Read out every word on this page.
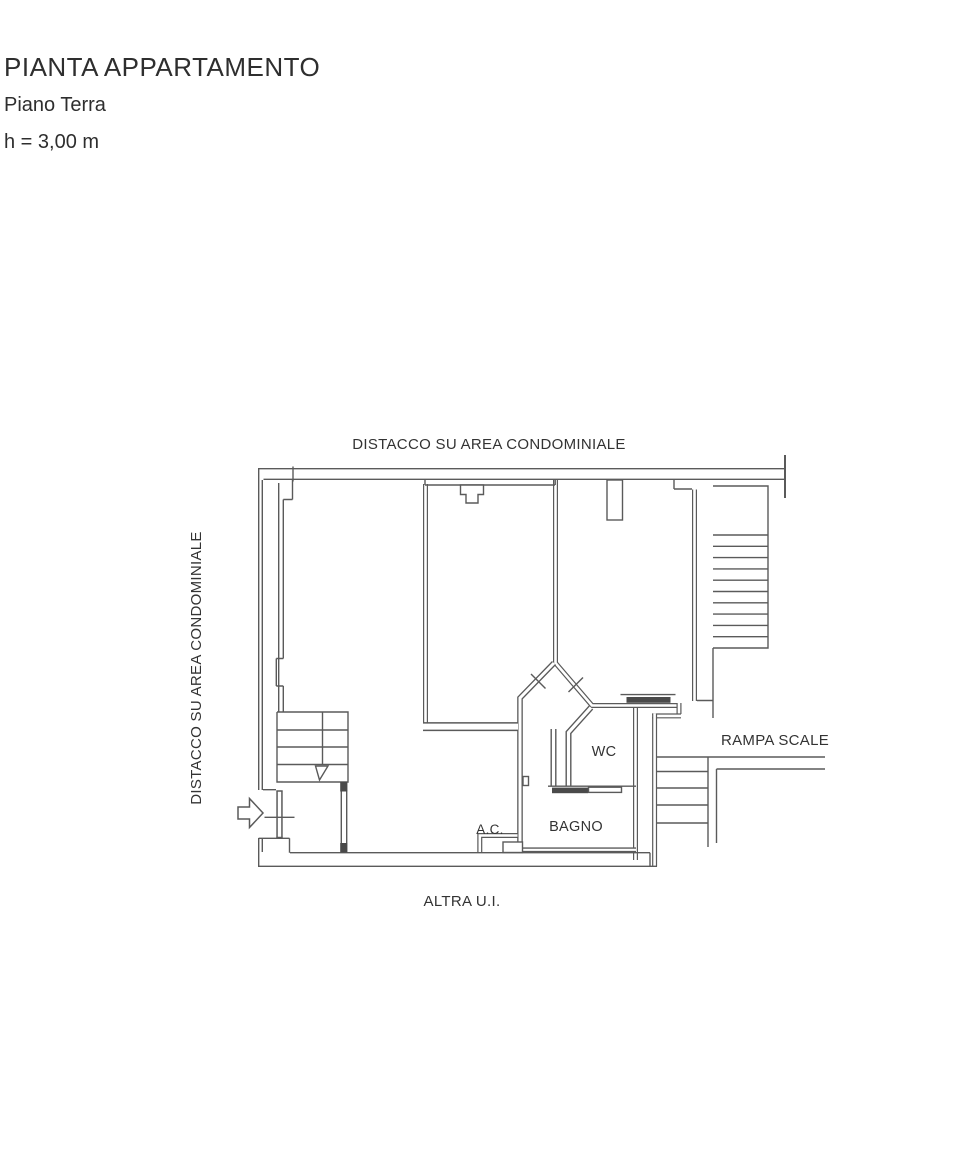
PIANTA APPARTAMENTO
Piano Terra
h = 3,00 m
DISTACCO SU AREA CONDOMINIALE
DISTACCO SU AREA CONDOMINIALE	RAMPA SCALE
WC
BAGNO
A.C.
ALTRA U.I.
